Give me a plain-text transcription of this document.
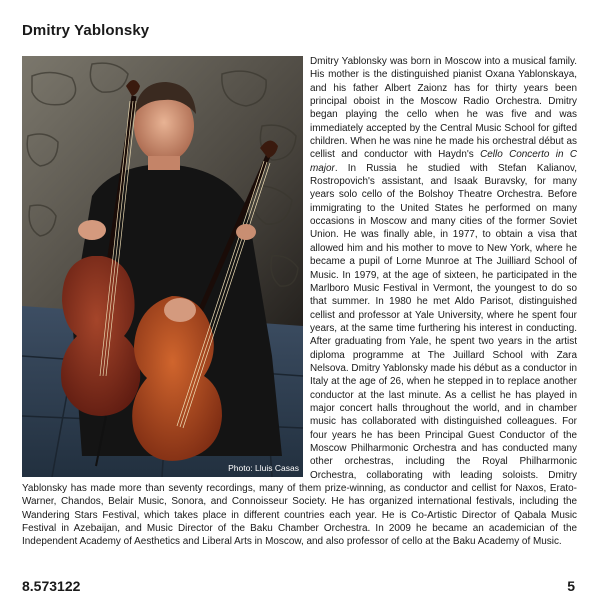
Dmitry Yablonsky

Dmitry Yablonsky was born in Moscow into a musical family. His mother is the distinguished pianist Oxana Yablonskaya, and his father Albert Zaionz has for thirty years been principal oboist in the Moscow Radio Orchestra. Dmitry began playing the cello when he was five and was immediately accepted by the Central Music School for gifted children. When he was nine he made his orchestral début as cellist and conductor with Haydn's Cello Concerto in C major. In Russia he studied with Stefan Kalianov, Rostropovich's assistant, and Isaak Buravsky, for many years solo cello of the Bolshoy Theatre Orchestra. Before immigrating to the United States he performed on many occasions in Moscow and many cities of the former Soviet Union. He was finally able, in 1977, to obtain a visa that allowed him and his mother to move to New York, where he became a pupil of Lorne Munroe at The Juilliard School of Music. In 1979, at the age of sixteen, he participated in the Marlboro Music Festival in Vermont, the youngest to do so that summer. In 1980 he met Aldo Parisot, distinguished cellist and professor at Yale University, where he spent four years, at the same time furthering his interest in conducting. After graduating from Yale, he spent two years in the artist diploma programme at The Juillard School with Zara Nelsova. Dmitry Yablonsky made his début as a conductor in Italy at the age of 26, when he stepped in to replace another conductor at the last minute. As a cellist he has played in major concert halls throughout the world, and in chamber music has collaborated with distinguished colleagues. For four years he has been Principal Guest Conductor of the Moscow Philharmonic Orchestra and has conducted many other orchestras, including the Royal Philharmonic Orchestra, collaborating with leading soloists. Dmitry Yablonsky has made more than seventy recordings, many of them prize-winning, as conductor and cellist for Naxos, Erato-Warner, Chandos, Belair Music, Sonora, and Connoisseur Society. He has organized international festivals, including the Wandering Stars Festival, which takes place in different countries each year. He is Co-Artistic Director of Qabala Music Festival in Azebaijan, and Music Director of the Baku Chamber Orchestra. In 2009 he became an academician of the Independent Academy of Aesthetics and Liberal Arts in Moscow, and also professor of cello at the Baku Academy of Music.

Photo: Lluis Casas
8.573122	5
